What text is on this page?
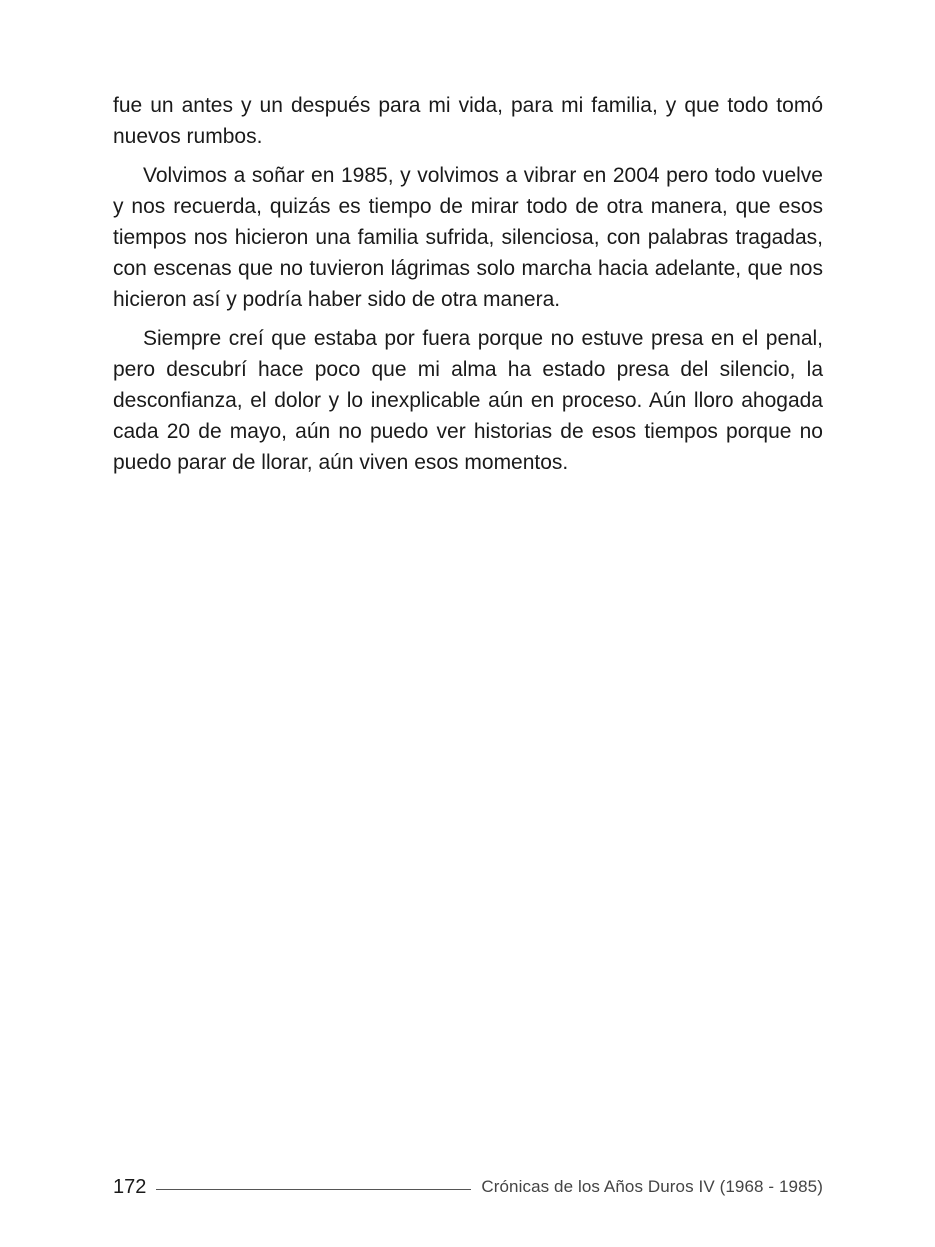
fue un antes y un después para mi vida, para mi familia, y que todo tomó nuevos rumbos.

Volvimos a soñar en 1985, y volvimos a vibrar en 2004 pero todo vuelve y nos recuerda, quizás es tiempo de mirar todo de otra manera, que esos tiempos nos hicieron una familia sufrida, silenciosa, con palabras tragadas, con escenas que no tuvieron lágrimas solo marcha hacia adelante, que nos hicieron así y podría haber sido de otra manera.

Siempre creí que estaba por fuera porque no estuve presa en el penal, pero descubrí hace poco que mi alma ha estado presa del silencio, la desconfianza, el dolor y lo inexplicable aún en proceso. Aún lloro ahogada cada 20 de mayo, aún no puedo ver historias de esos tiempos porque no puedo parar de llorar, aún viven esos momentos.

172	Crónicas de los Años Duros IV (1968 - 1985)
